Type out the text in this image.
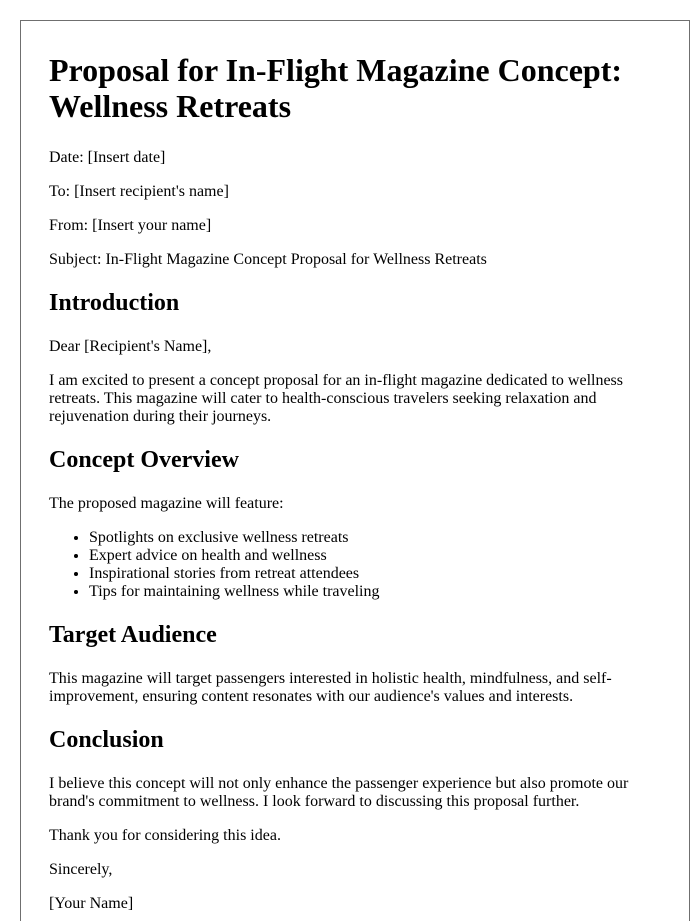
Proposal for In-Flight Magazine Concept: Wellness Retreats

Date: [Insert date]

To: [Insert recipient's name]

From: [Insert your name]

Subject: In-Flight Magazine Concept Proposal for Wellness Retreats

Introduction

Dear [Recipient's Name],

I am excited to present a concept proposal for an in-flight magazine dedicated to wellness retreats. This magazine will cater to health-conscious travelers seeking relaxation and rejuvenation during their journeys.

Concept Overview

The proposed magazine will feature:

• Spotlights on exclusive wellness retreats
• Expert advice on health and wellness
• Inspirational stories from retreat attendees
• Tips for maintaining wellness while traveling
Target Audience

This magazine will target passengers interested in holistic health, mindfulness, and self-improvement, ensuring content resonates with our audience's values and interests.

Conclusion

I believe this concept will not only enhance the passenger experience but also promote our brand's commitment to wellness. I look forward to discussing this proposal further.

Thank you for considering this idea.

Sincerely,

[Your Name]
